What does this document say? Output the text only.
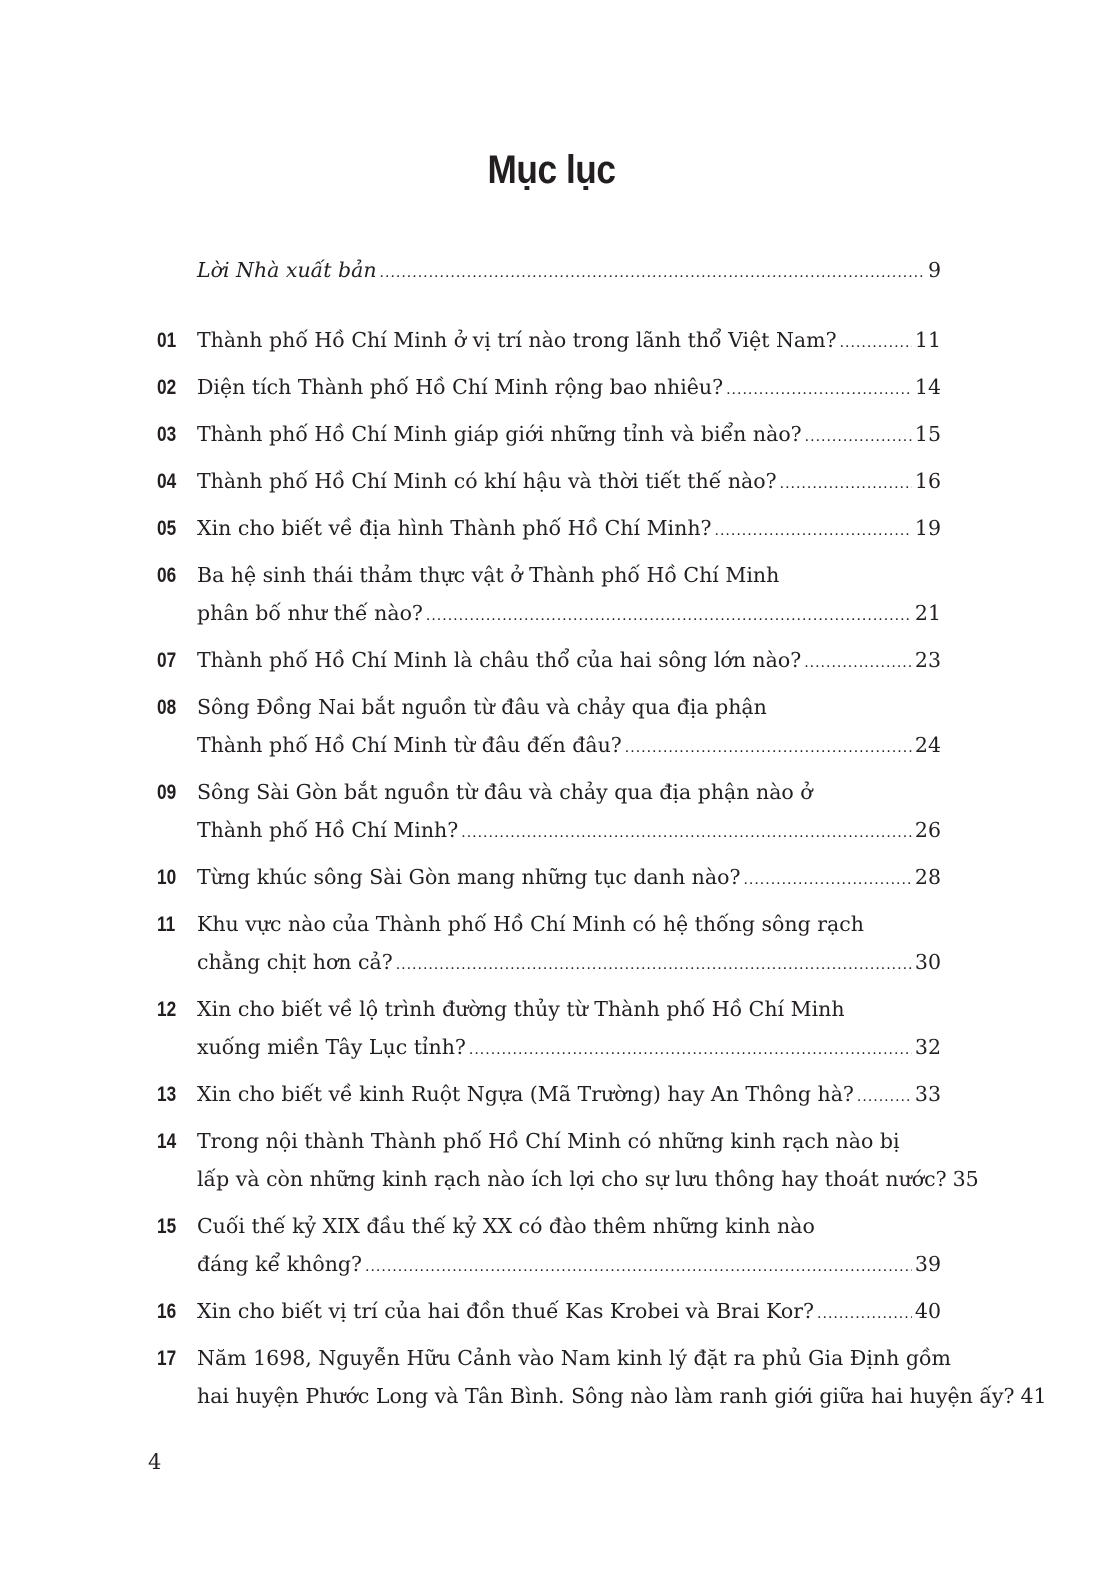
Mục lục
Lời Nhà xuất bản .....	9
01	Thành phố Hồ Chí Minh ở vị trí nào trong lãnh thổ Việt Nam? .....	11
02	Diện tích Thành phố Hồ Chí Minh rộng bao nhiêu? .....	14
03	Thành phố Hồ Chí Minh giáp giới những tỉnh và biển nào? .....	15
04	Thành phố Hồ Chí Minh có khí hậu và thời tiết thế nào? .....	16
05	Xin cho biết về địa hình Thành phố Hồ Chí Minh? .....	19
06	Ba hệ sinh thái thảm thực vật ở Thành phố Hồ Chí Minh
phân bố như thế nào? .....	21
07	Thành phố Hồ Chí Minh là châu thổ của hai sông lớn nào? .....	23
08	Sông Đồng Nai bắt nguồn từ đâu và chảy qua địa phận
Thành phố Hồ Chí Minh từ đâu đến đâu? .....	24
09	Sông Sài Gòn bắt nguồn từ đâu và chảy qua địa phận nào ở
Thành phố Hồ Chí Minh? .....	26
10	Từng khúc sông Sài Gòn mang những tục danh nào? .....	28
11	Khu vực nào của Thành phố Hồ Chí Minh có hệ thống sông rạch
chằng chịt hơn cả? .....	30
12	Xin cho biết về lộ trình đường thủy từ Thành phố Hồ Chí Minh
xuống miền Tây Lục tỉnh? .....	32
13	Xin cho biết về kinh Ruột Ngựa (Mã Trường) hay An Thông hà? .....	33
14	Trong nội thành Thành phố Hồ Chí Minh có những kinh rạch nào bị
lấp và còn những kinh rạch nào ích lợi cho sự lưu thông hay thoát nước? 35
15	Cuối thế kỷ XIX đầu thế kỷ XX có đào thêm những kinh nào
đáng kể không? .....	39
16	Xin cho biết vị trí của hai đồn thuế Kas Krobei và Brai Kor? .....	40
17	Năm 1698, Nguyễn Hữu Cảnh vào Nam kinh lý đặt ra phủ Gia Định gồm
hai huyện Phước Long và Tân Bình. Sông nào làm ranh giới giữa hai huyện ấy? 41
4
